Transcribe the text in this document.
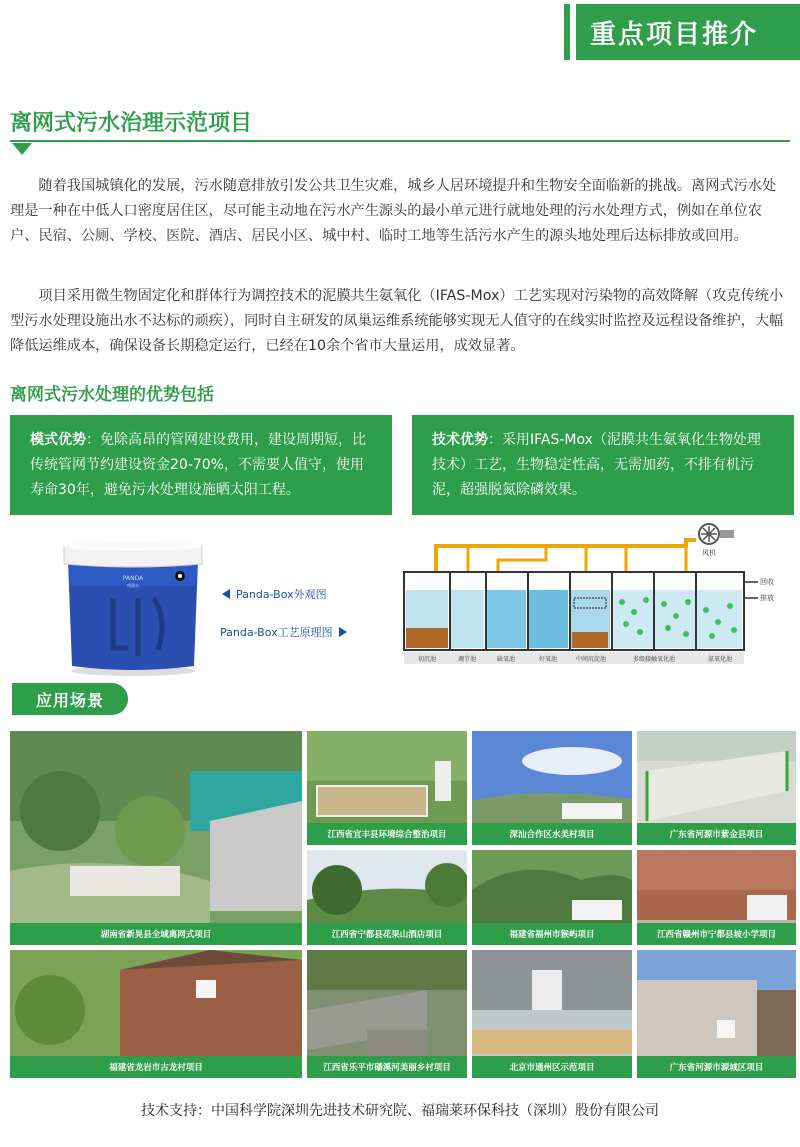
重点项目推介
离网式污水治理示范项目

随着我国城镇化的发展，污水随意排放引发公共卫生灾难，城乡人居环境提升和生物安全面临新的挑战。离网式污水处理是一种在中低人口密度居住区，尽可能主动地在污水产生源头的最小单元进行就地处理的污水处理方式，例如在单位农户、民宿、公厕、学校、医院、酒店、居民小区、城中村、临时工地等生活污水产生的源头地处理后达标排放或回用。

项目采用微生物固定化和群体行为调控技术的泥膜共生氨氧化（IFAS-Mox）工艺实现对污染物的高效降解（攻克传统小型污水处理设施出水不达标的顽疾），同时自主研发的凤巢运维系统能够实现无人值守的在线实时监控及远程设备维护，大幅降低运维成本，确保设备长期稳定运行，已经在10余个省市大量运用，成效显著。

离网式污水处理的优势包括
模式优势：免除高昂的管网建设费用，建设周期短，比传统管网节约建设资金20-70%，不需要人值守，使用寿命30年，避免污水处理设施晒太阳工程。
技术优势：采用IFAS-Mox（泥膜共生氨氧化生物处理技术）工艺，生物稳定性高，无需加药，不排有机污泥，超强脱氮除磷效果。
PANDA
熊猫水
Panda-Box外观图
Panda-Box工艺原理图
风机
回收
排放
初沉池	调节池	缺氧池	好氧池	中间沉淀池	多级接触氧化池	氨氧化池
应用场景
湖南省新晃县全域离网式项目
江西省宜丰县环境综合整治项目	深汕合作区水美村项目	广东省河源市紫金县项目
江西省宁都县花果山酒店项目	福建省福州市猴屿项目	江西省赣州市宁都县坡小学项目
福建省龙岩市古龙村项目	江西省乐平市磻溪河美丽乡村项目	北京市通州区示范项目	广东省河源市源城区项目
技术支持：中国科学院深圳先进技术研究院、福瑞莱环保科技（深圳）股份有限公司
